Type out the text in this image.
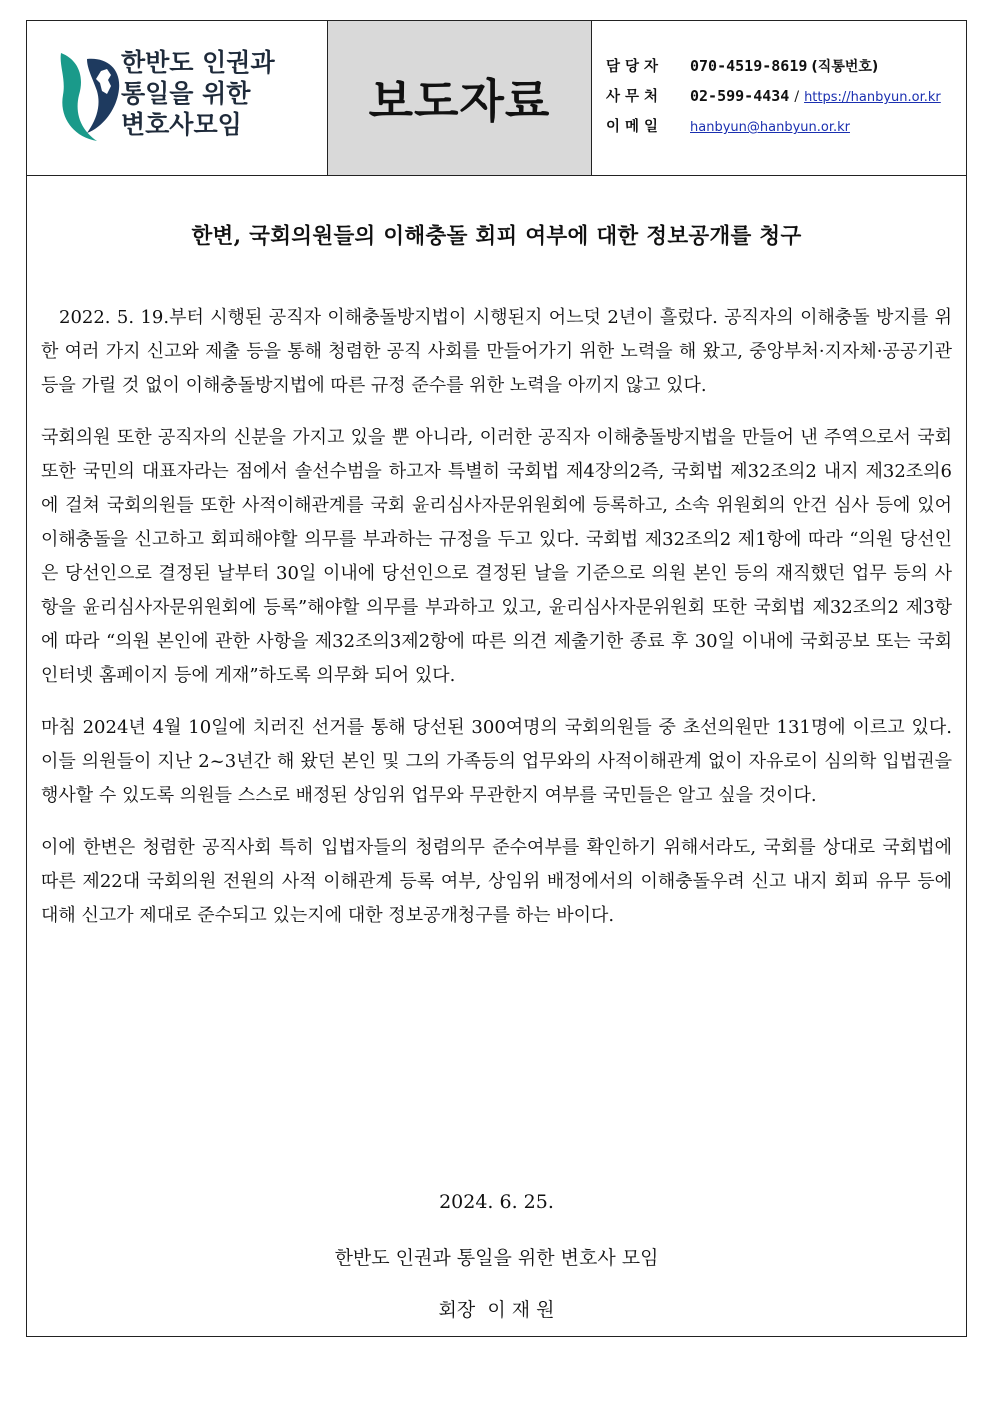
한반도 인권과
통일을 위한
변호사모임	보도자료
담당자	070-4519-8619 (직통번호)
사무처	02-599-4434 / https://hanbyun.or.kr
이메일	hanbyun@hanbyun.or.kr
한변, 국회의원들의 이해충돌 회피 여부에 대한 정보공개를 청구

2022. 5. 19.부터 시행된 공직자 이해충돌방지법이 시행된지 어느덧 2년이 흘렀다. 공직자의 이해충돌 방지를 위한 여러 가지 신고와 제출 등을 통해 청렴한 공직 사회를 만들어가기 위한 노력을 해 왔고, 중앙부처·지자체·공공기관 등을 가릴 것 없이 이해충돌방지법에 따른 규정 준수를 위한 노력을 아끼지 않고 있다.

국회의원 또한 공직자의 신분을 가지고 있을 뿐 아니라, 이러한 공직자 이해충돌방지법을 만들어 낸 주역으로서 국회 또한 국민의 대표자라는 점에서 솔선수범을 하고자 특별히 국회법 제4장의2즉, 국회법 제32조의2 내지 제32조의6에 걸쳐 국회의원들 또한 사적이해관계를 국회 윤리심사자문위원회에 등록하고, 소속 위원회의 안건 심사 등에 있어 이해충돌을 신고하고 회피해야할 의무를 부과하는 규정을 두고 있다. 국회법 제32조의2 제1항에 따라 “의원 당선인은 당선인으로 결정된 날부터 30일 이내에 당선인으로 결정된 날을 기준으로 의원 본인 등의 재직했던 업무 등의 사항을 윤리심사자문위원회에 등록”해야할 의무를 부과하고 있고, 윤리심사자문위원회 또한 국회법 제32조의2 제3항에 따라 “의원 본인에 관한 사항을 제32조의3제2항에 따른 의견 제출기한 종료 후 30일 이내에 국회공보 또는 국회 인터넷 홈페이지 등에 게재”하도록 의무화 되어 있다.

마침 2024년 4월 10일에 치러진 선거를 통해 당선된 300여명의 국회의원들 중 초선의원만 131명에 이르고 있다. 이들 의원들이 지난 2~3년간 해 왔던 본인 및 그의 가족등의 업무와의 사적이해관계 없이 자유로이 심의학 입법권을 행사할 수 있도록 의원들 스스로 배정된 상임위 업무와 무관한지 여부를 국민들은 알고 싶을 것이다.

이에 한변은 청렴한 공직사회 특히 입법자들의 청렴의무 준수여부를 확인하기 위해서라도, 국회를 상대로 국회법에 따른 제22대 국회의원 전원의 사적 이해관계 등록 여부, 상임위 배정에서의 이해충돌우려 신고 내지 회피 유무 등에 대해 신고가 제대로 준수되고 있는지에 대한 정보공개청구를 하는 바이다.

2024. 6. 25.
한반도 인권과 통일을 위한 변호사 모임
회장  이 재 원
